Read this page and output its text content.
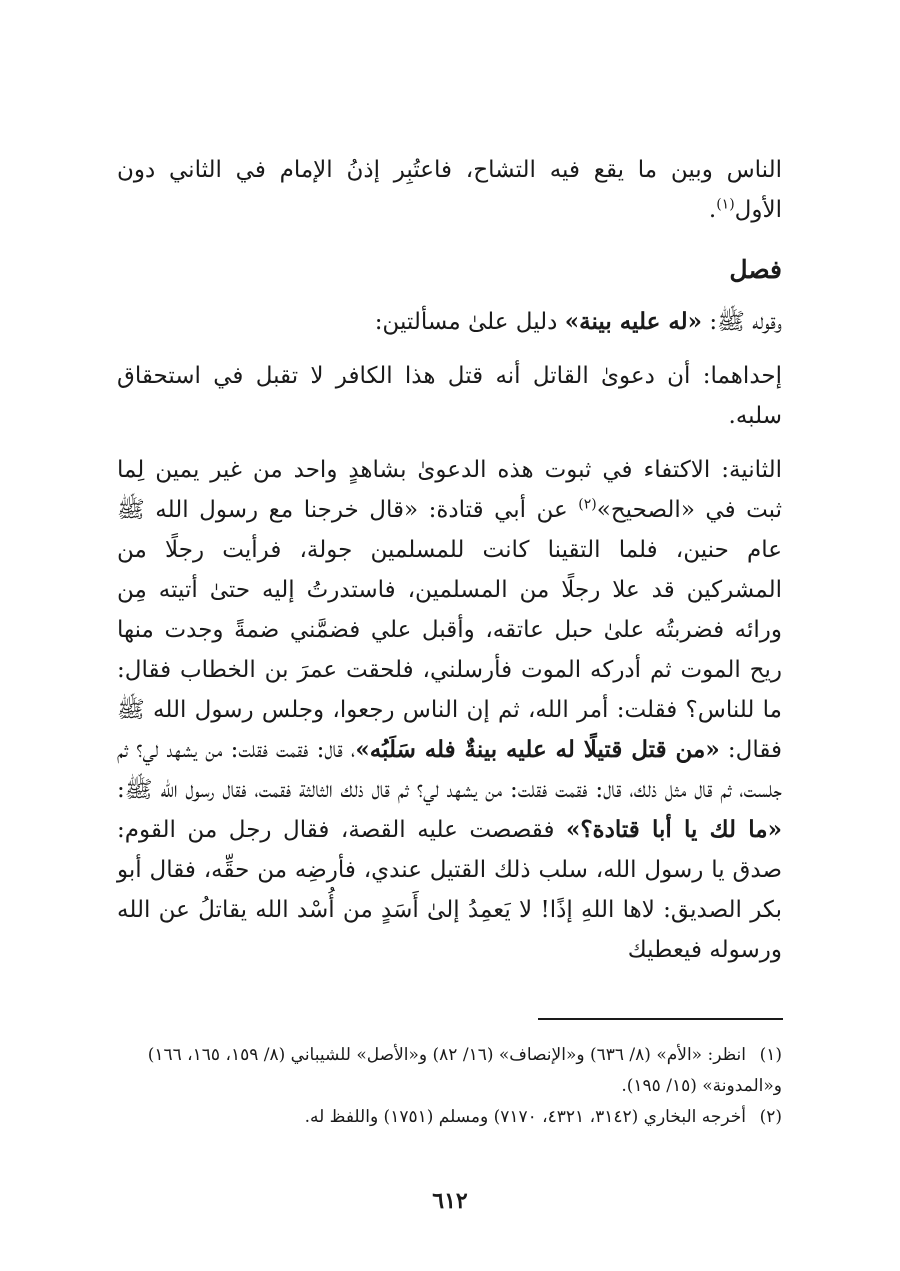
الناس وبين ما يقع فيه التشاح، فاعتُبِر إذنُ الإمام في الثاني دون الأول$^{(١)}$.

فصل

وقوله ﷺ: «له عليه بينة» دليل علىٰ مسألتين:

إحداهما: أن دعوىٰ القاتل أنه قتل هذا الكافر لا تقبل في استحقاق سلبه.

الثانية: الاكتفاء في ثبوت هذه الدعوىٰ بشاهدٍ واحد من غير يمين لِما ثبت في «الصحيح»$^{(٢)}$ عن أبي قتادة: «قال خرجنا مع رسول الله ﷺ عام حنين، فلما التقينا كانت للمسلمين جولة، فرأيت رجلًا من المشركين قد علا رجلًا من المسلمين، فاستدرتُ إليه حتىٰ أتيته مِن ورائه فضربتُه علىٰ حبل عاتقه، وأقبل علي فضمَّني ضمةً وجدت منها ريح الموت ثم أدركه الموت فأرسلني، فلحقت عمرَ بن الخطاب فقال: ما للناس؟ فقلت: أمر الله، ثم إن الناس رجعوا، وجلس رسول الله ﷺ فقال: «من قتل قتيلًا له عليه بينةٌ فله سَلَبُه»، قال: فقمت فقلت: من يشهد لي؟ ثم جلست، ثم قال مثل ذلك، قال: فقمت فقلت: من يشهد لي؟ ثم قال ذلك الثالثة فقمت، فقال رسول الله ﷺ: «ما لك يا أبا قتادة؟» فقصصت عليه القصة، فقال رجل من القوم: صدق يا رسول الله، سلب ذلك القتيل عندي، فأرضِه من حقِّه، فقال أبو بكر الصديق: لاها اللهِ إذًا! لا يَعمِدُ إلىٰ أَسَدٍ من أُسْد الله يقاتلُ عن الله ورسوله فيعطيك

(١)انظر: «الأم» (٨/ ٦٣٦) و«الإنصاف» (١٦/ ٨٢) و«الأصل» للشيباني (٨/ ١٥٩، ١٦٥، ١٦٦) و«المدونة» (١٥/ ١٩٥).

(٢)أخرجه البخاري (٣١٤٢، ٤٣٢١، ٧١٧٠) ومسلم (١٧٥١) واللفظ له.

٦١٢
